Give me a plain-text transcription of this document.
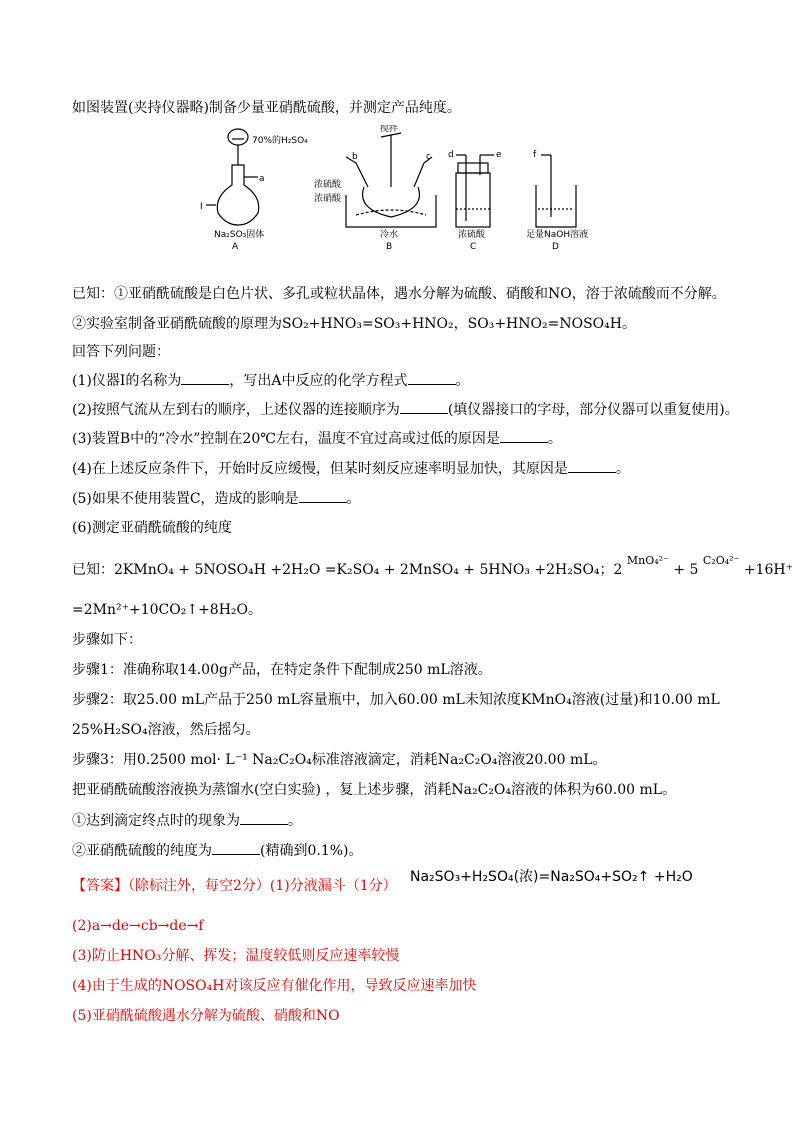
如图装置(夹持仪器略)制备少量亚硝酰硫酸，并测定产品纯度。
70%的H₂SO₄
a
I
Na₂SO₃固体
A
搅拌
b	c
浓硫酸
浓硝酸
冷水
B
d	e
浓硫酸
C
f
足量NaOH溶液
D
已知：①亚硝酰硫酸是白色片状、多孔或粒状晶体，遇水分解为硫酸、硝酸和NO，溶于浓硫酸而不分解。
②实验室制备亚硝酰硫酸的原理为SO₂+HNO₃=SO₃+HNO₂，SO₃+HNO₂=NOSO₄H。
回答下列问题：
(1)仪器I的名称为	，写出A中反应的化学方程式	。
(2)按照气流从左到右的顺序，上述仪器的连接顺序为	(填仪器接口的字母，部分仪器可以重复使用)。
(3)装置B中的“冷水”控制在20℃左右，温度不宜过高或过低的原因是	。
(4)在上述反应条件下，开始时反应缓慢，但某时刻反应速率明显加快，其原因是	。
(5)如果不使用装置C，造成的影响是	。
(6)测定亚硝酰硫酸的纯度
已知：2KMnO₄ + 5NOSO₄H +2H₂O =K₂SO₄ + 2MnSO₄ + 5HNO₃ +2H₂SO₄；2 $^{MnO_4^{2-}}$ + 5 $^{C_2O_4^{2-}}$ +16H⁺
=2Mn²⁺+10CO₂↑+8H₂O。
步骤如下：
步骤1：准确称取14.00g产品，在特定条件下配制成250 mL溶液。
步骤2：取25.00 mL产品于250 mL容量瓶中，加入60.00 mL未知浓度KMnO₄溶液(过量)和10.00 mL
25%H₂SO₄溶液，然后摇匀。
步骤3：用0.2500 mol· L⁻¹ Na₂C₂O₄标准溶液滴定，消耗Na₂C₂O₄溶液20.00 mL。
把亚硝酰硫酸溶液换为蒸馏水(空白实验) ，复上述步骤，消耗Na₂C₂O₄溶液的体积为60.00 mL。
①达到滴定终点时的现象为	。
②亚硝酰硫酸的纯度为	(精确到0.1%)。
【答案】（除标注外，每空2分）(1)分液漏斗（1分）
Na₂SO₃+H₂SO₄(浓)=Na₂SO₄+SO₂↑ +H₂O
(2)a→de→cb→de→f
(3)防止HNO₃分解、挥发；温度较低则反应速率较慢
(4)由于生成的NOSO₄H对该反应有催化作用，导致反应速率加快
(5)亚硝酰硫酸遇水分解为硫酸、硝酸和NO
